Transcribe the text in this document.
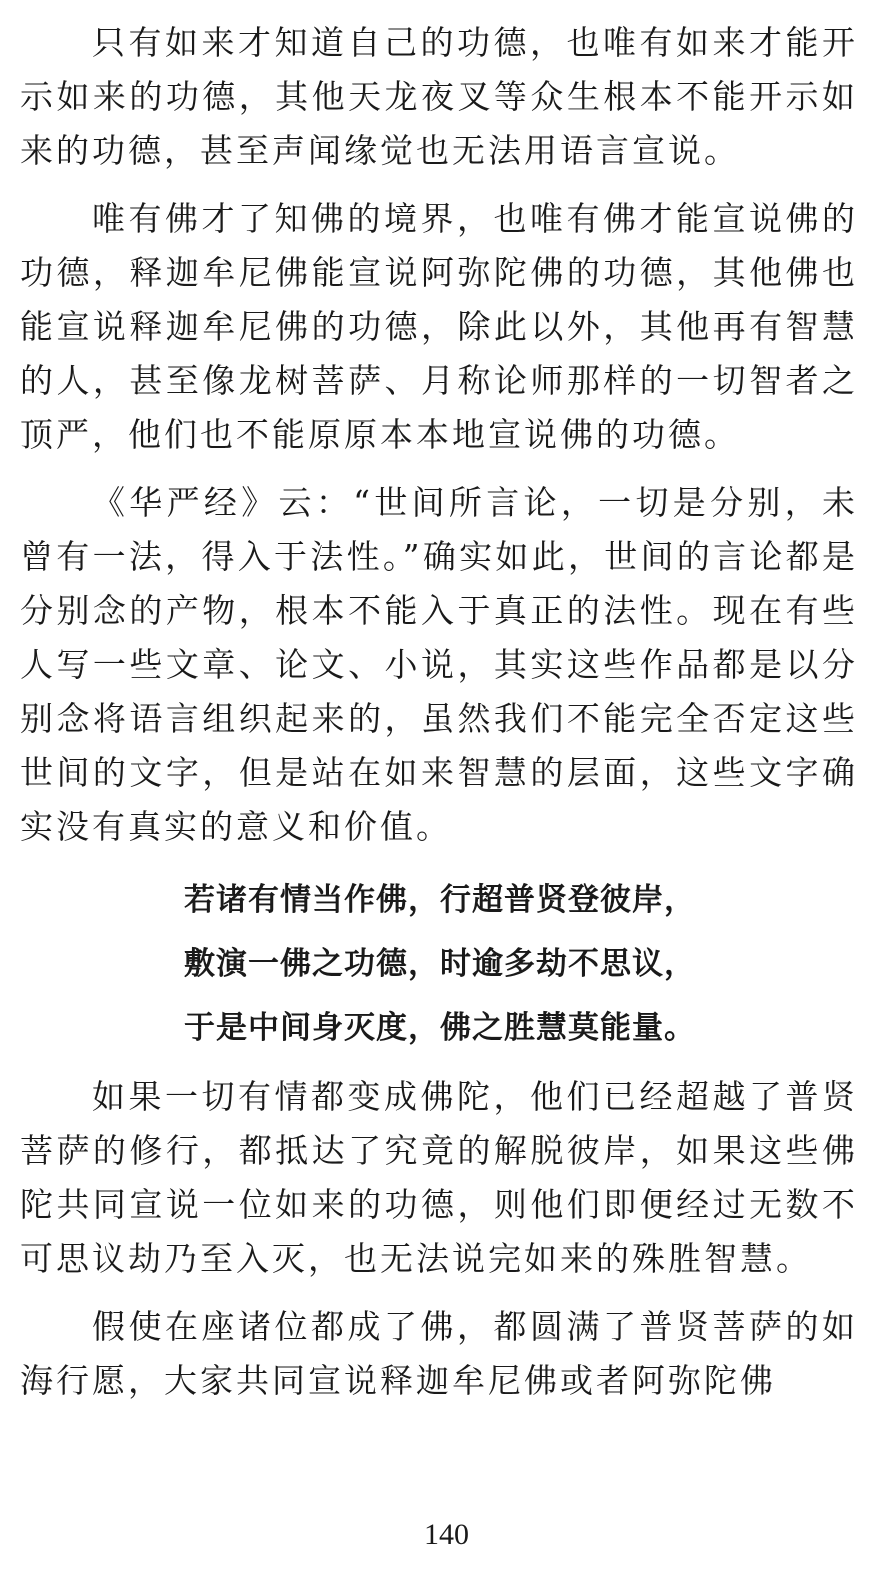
只有如来才知道自己的功德，也唯有如来才能开示如来的功德，其他天龙夜叉等众生根本不能开示如来的功德，甚至声闻缘觉也无法用语言宣说。

唯有佛才了知佛的境界，也唯有佛才能宣说佛的功德，释迦牟尼佛能宣说阿弥陀佛的功德，其他佛也能宣说释迦牟尼佛的功德，除此以外，其他再有智慧的人，甚至像龙树菩萨、月称论师那样的一切智者之顶严，他们也不能原原本本地宣说佛的功德。

《华严经》云：“世间所言论，一切是分别，未曾有一法，得入于法性。”确实如此，世间的言论都是分别念的产物，根本不能入于真正的法性。现在有些人写一些文章、论文、小说，其实这些作品都是以分别念将语言组织起来的，虽然我们不能完全否定这些世间的文字，但是站在如来智慧的层面，这些文字确实没有真实的意义和价值。

若诸有情当作佛，行超普贤登彼岸，

敷演一佛之功德，时逾多劫不思议，

于是中间身灭度，佛之胜慧莫能量。

如果一切有情都变成佛陀，他们已经超越了普贤菩萨的修行，都抵达了究竟的解脱彼岸，如果这些佛陀共同宣说一位如来的功德，则他们即便经过无数不可思议劫乃至入灭，也无法说完如来的殊胜智慧。

假使在座诸位都成了佛，都圆满了普贤菩萨的如海行愿，大家共同宣说释迦牟尼佛或者阿弥陀佛

140
